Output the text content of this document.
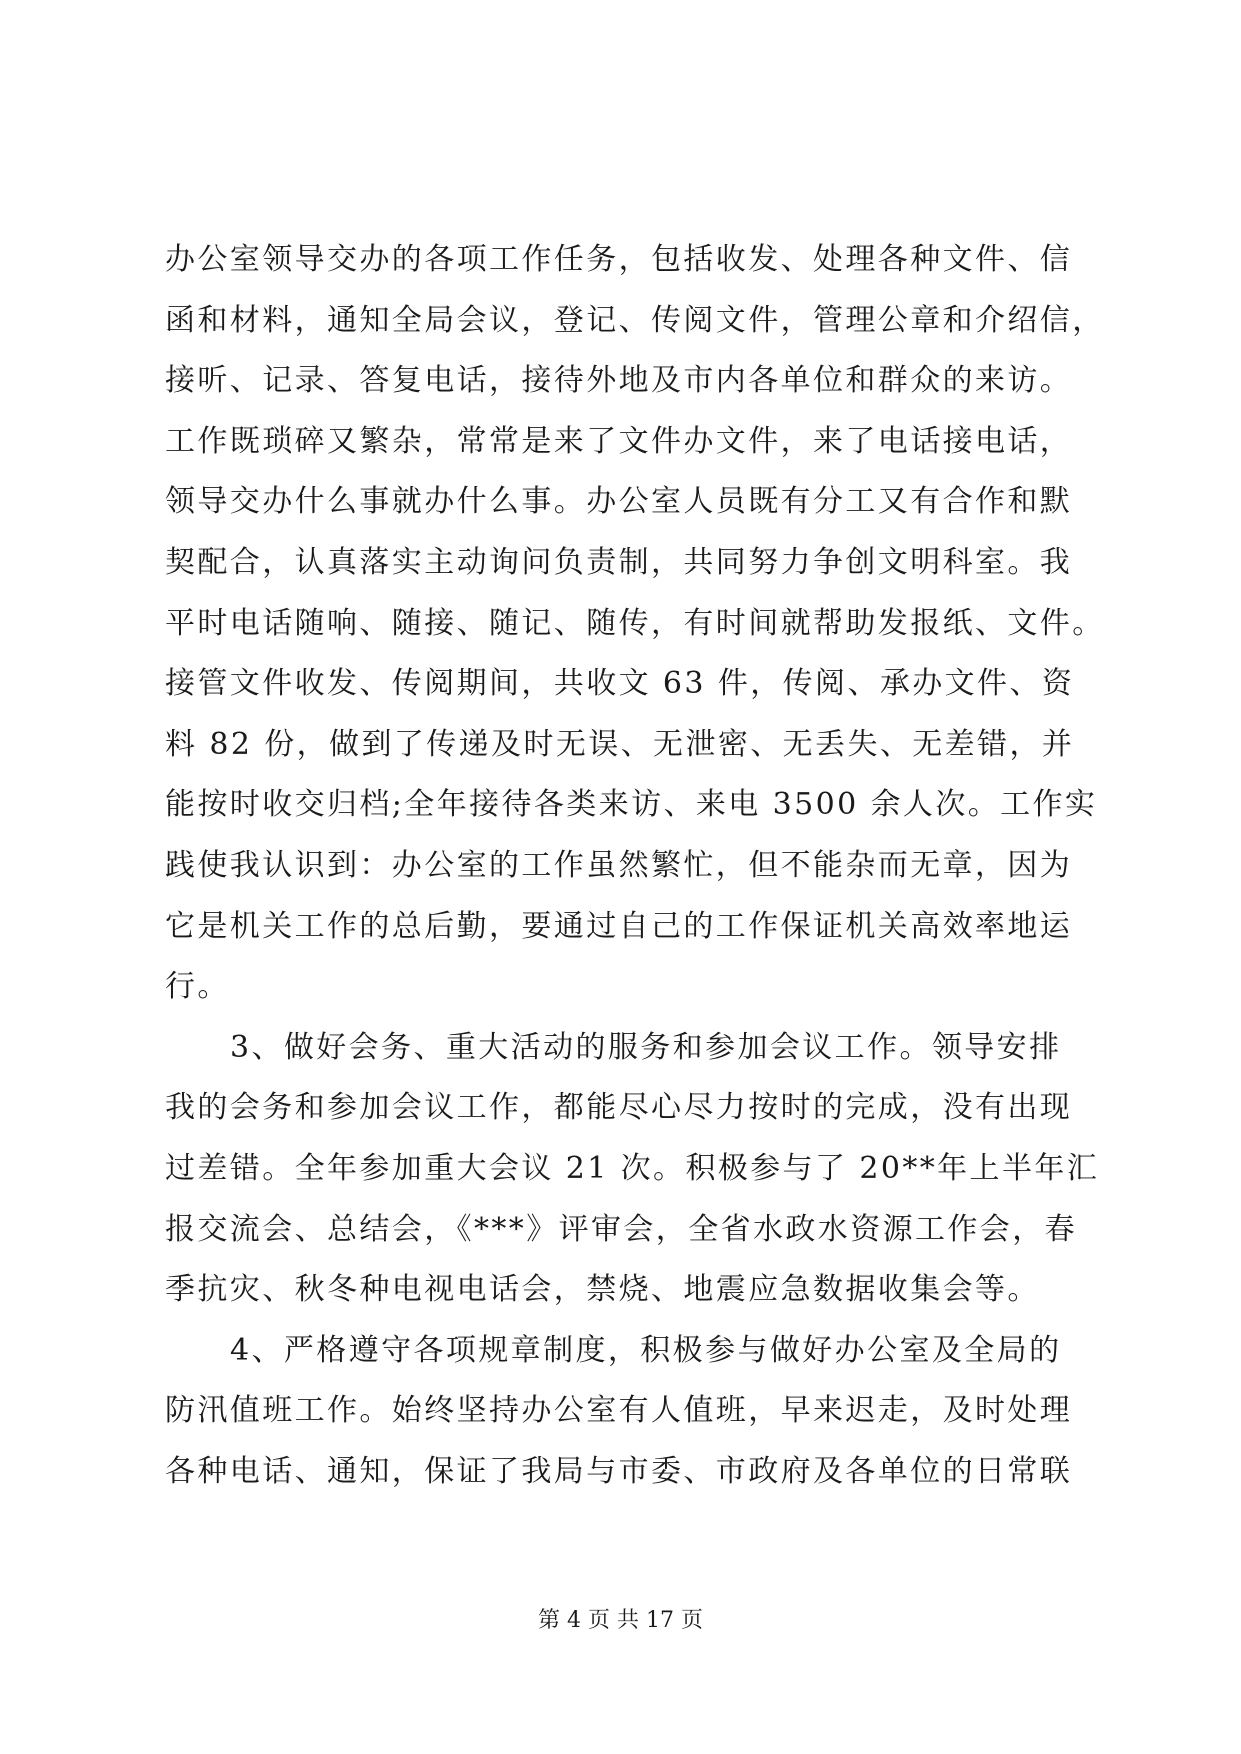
办公室领导交办的各项工作任务，包括收发、处理各种文件、信
函和材料，通知全局会议，登记、传阅文件，管理公章和介绍信，
接听、记录、答复电话，接待外地及市内各单位和群众的来访。
工作既琐碎又繁杂，常常是来了文件办文件，来了电话接电话，
领导交办什么事就办什么事。办公室人员既有分工又有合作和默
契配合，认真落实主动询问负责制，共同努力争创文明科室。我
平时电话随响、随接、随记、随传，有时间就帮助发报纸、文件。
接管文件收发、传阅期间，共收文 63 件，传阅、承办文件、资
料 82 份，做到了传递及时无误、无泄密、无丢失、无差错，并
能按时收交归档;全年接待各类来访、来电 3500 余人次。工作实
践使我认识到：办公室的工作虽然繁忙，但不能杂而无章，因为
它是机关工作的总后勤，要通过自己的工作保证机关高效率地运
行。
3、做好会务、重大活动的服务和参加会议工作。领导安排
我的会务和参加会议工作，都能尽心尽力按时的完成，没有出现
过差错。全年参加重大会议 21 次。积极参与了 20**年上半年汇
报交流会、总结会，《***》评审会，全省水政水资源工作会，春
季抗灾、秋冬种电视电话会，禁烧、地震应急数据收集会等。
4、严格遵守各项规章制度，积极参与做好办公室及全局的
防汛值班工作。始终坚持办公室有人值班，早来迟走，及时处理
各种电话、通知，保证了我局与市委、市政府及各单位的日常联
第 4 页 共 17 页
